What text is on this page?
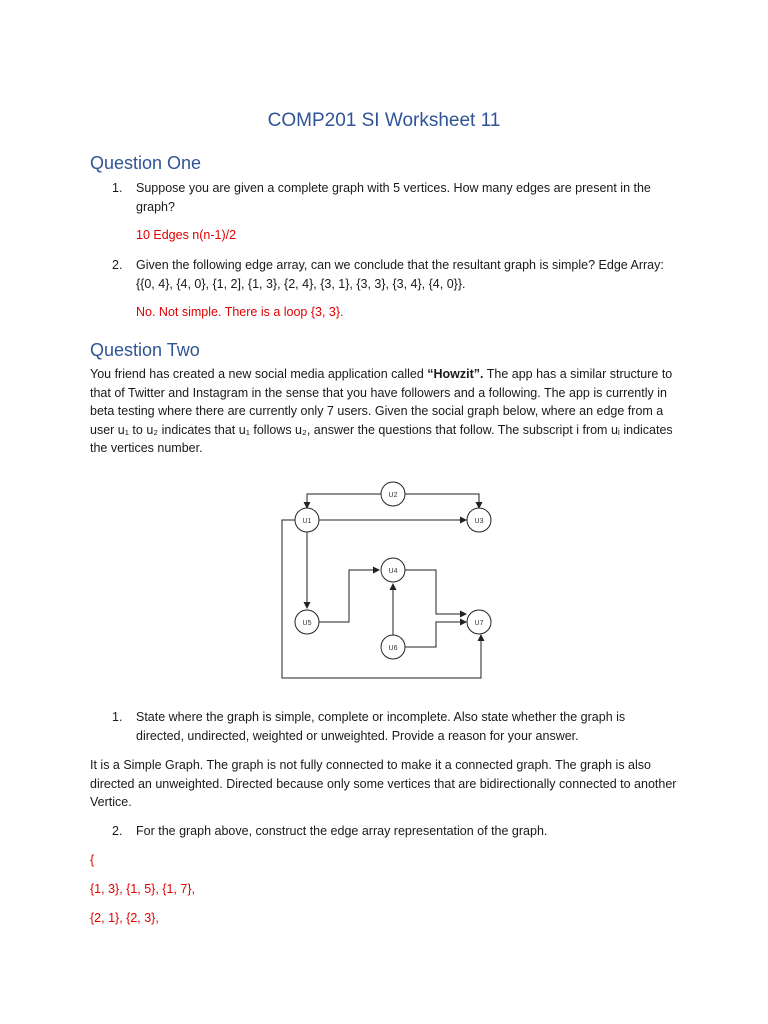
COMP201 SI Worksheet 11
Question One
1. Suppose you are given a complete graph with 5 vertices. How many edges are present in the graph?
10 Edges n(n-1)/2
2. Given the following edge array, can we conclude that the resultant graph is simple? Edge Array: {{0, 4}, {4, 0}, {1, 2], {1, 3}, {2, 4}, {3, 1}, {3, 3}, {3, 4}, {4, 0}}.
No. Not simple. There is a loop {3, 3}.
Question Two
You friend has created a new social media application called “Howzit”. The app has a similar structure to that of Twitter and Instagram in the sense that you have followers and a following. The app is currently in beta testing where there are currently only 7 users. Given the social graph below, where an edge from a user u₁ to u₂ indicates that u₁ follows u₂, answer the questions that follow. The subscript i from uᵢ indicates the vertices number.
U1
U2
U3
U4
U5
U6
U7
1. State where the graph is simple, complete or incomplete. Also state whether the graph is directed, undirected, weighted or unweighted. Provide a reason for your answer.
It is a Simple Graph. The graph is not fully connected to make it a connected graph. The graph is also directed an unweighted. Directed because only some vertices that are bidirectionally connected to another Vertice.
2. For the graph above, construct the edge array representation of the graph.
{
{1, 3}, {1, 5}, {1, 7},
{2, 1}, {2, 3},
